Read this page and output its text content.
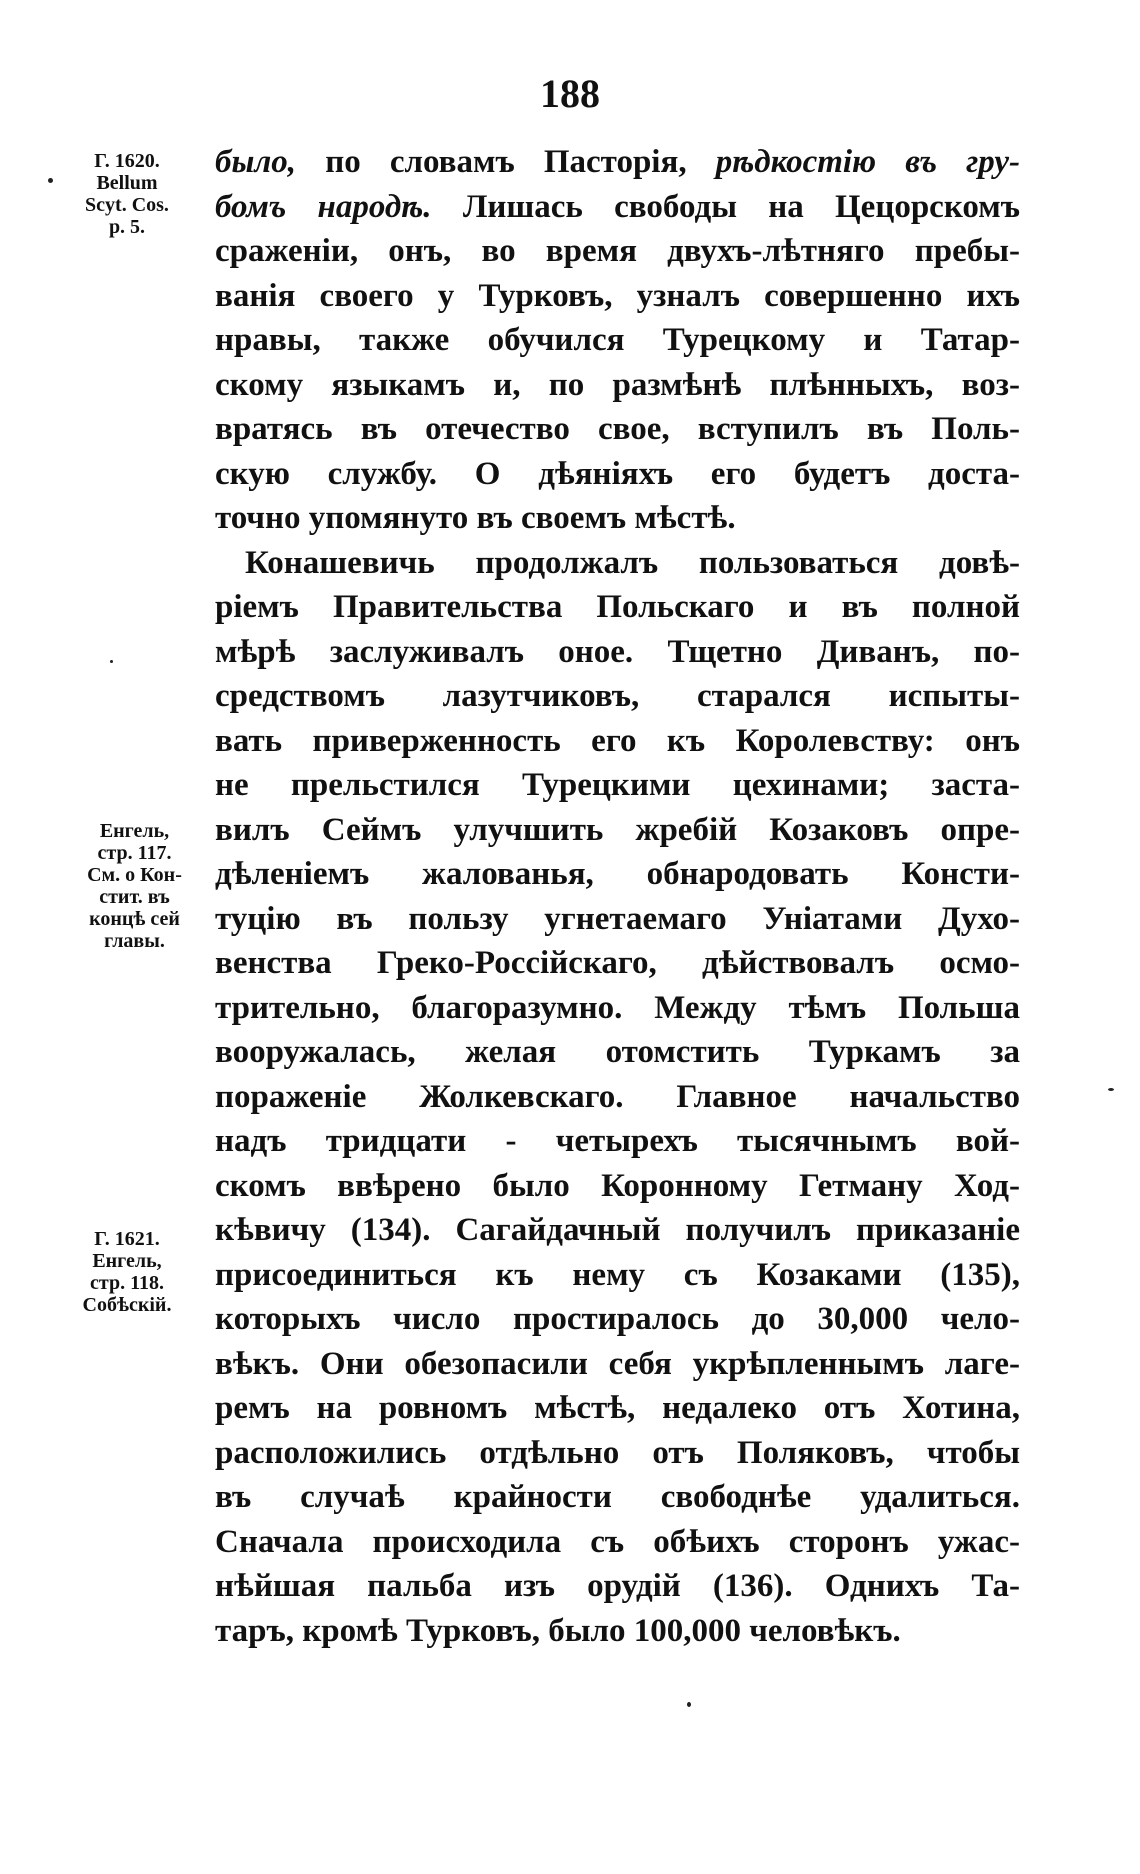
188
Г. 1620.
Bellum
Scyt. Cos.
p. 5.
Енгель,
стр. 117.
См. о Кон-
стит. въ
концѣ сей
главы.
Г. 1621.
Енгель,
стр. 118.
Собѣскій.
было, по словамъ Пасторія, рѣдкостію въ гру-
бомъ народѣ. Лишась свободы на Цецорскомъ
сраженіи, онъ, во время двухъ-лѣтняго пребы-
ванія своего у Турковъ, узналъ совершенно ихъ
нравы, также обучился Турецкому и Татар-
скому языкамъ и, по размѣнѣ плѣнныхъ, воз-
вратясь въ отечество свое, вступилъ въ Поль-
скую службу. О дѣяніяхъ его будетъ доста-
точно упомянуто въ своемъ мѣстѣ.
Конашевичь продолжалъ пользоваться довѣ-
ріемъ Правительства Польскаго и въ полной
мѣрѣ заслуживалъ оное. Тщетно Диванъ, по-
средствомъ лазутчиковъ, старался испыты-
вать приверженность его къ Королевству: онъ
не прельстился Турецкими цехинами; заста-
вилъ Сеймъ улучшить жребій Козаковъ опре-
дѣленіемъ жалованья, обнародовать Консти-
туцію въ пользу угнетаемаго Уніатами Духо-
венства Греко-Россійскаго, дѣйствовалъ осмо-
трительно, благоразумно. Между тѣмъ Польша
вооружалась, желая отомстить Туркамъ за
пораженіе Жолкевскаго. Главное начальство
надъ тридцати - четырехъ тысячнымъ вой-
скомъ ввѣрено было Коронному Гетману Ход-
кѣвичу (134). Сагайдачный получилъ приказаніе
присоединиться къ нему съ Козаками (135),
которыхъ число простиралось до 30,000 чело-
вѣкъ. Они обезопасили себя укрѣпленнымъ лаге-
ремъ на ровномъ мѣстѣ, недалеко отъ Хотина,
расположились отдѣльно отъ Поляковъ, чтобы
въ случаѣ крайности свободнѣе удалиться.
Сначала происходила съ обѣихъ сторонъ ужас-
нѣйшая пальба изъ орудій (136). Однихъ Та-
таръ, кромѣ Турковъ, было 100,000 человѣкъ.
